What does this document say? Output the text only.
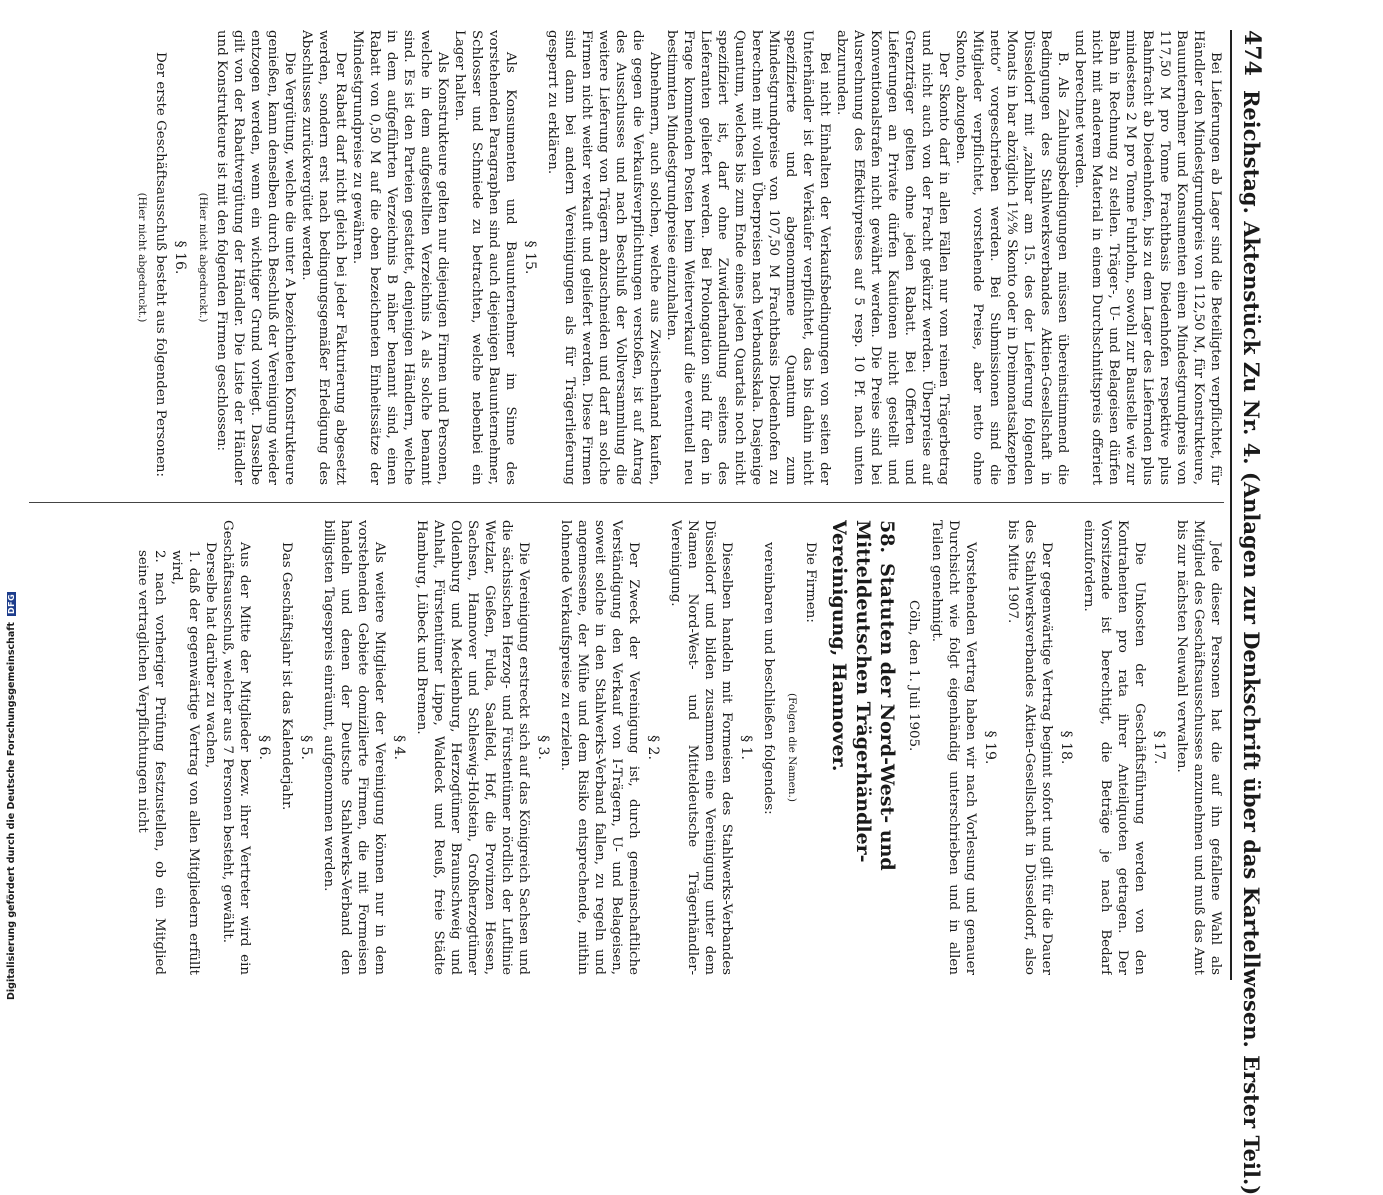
474
Reichstag. Aktenstück Zu Nr. 4. (Anlagen zur Denkschrift über das Kartellwesen. Erster Teil.)

Bei Lieferungen ab Lager sind die Beteiligten verpflichtet, für Händler den Mindestgrundpreis von 112,50 M, für Konstrukteure, Bauunternehmer und Konsumenten einen Mindestgrundpreis von 117,50 M pro Tonne Frachtbasis Diedenhofen respektive plus Bahnfracht ab Diedenhofen, bis zu dem Lager des Liefernden plus mindestens 2 M pro Tonne Fuhrlohn, sowohl zur Baustelle wie zur Bahn in Rechnung zu stellen. Träger-, U- und Belageisen dürfen nicht mit anderem Material in einem Durchschnittspreis offeriert und berechnet werden.

B. Als Zahlungsbedingungen müssen übereinstimmend die Bedingungen des Stahlwerksverbandes Aktien-Gesellschaft in Düsseldorf mit „zahlbar am 15. des der Lieferung folgenden Monats in bar abzüglich 1½% Skonto oder in Dreimonatsakzepten netto“ vorgeschrieben werden. Bei Submissionen sind die Mitglieder verpflichtet, vorstehende Preise, aber netto ohne Skonto, abzugeben.

Der Skonto darf in allen Fällen nur vom reinen Trägerbetrag und nicht auch von der Fracht gekürzt werden. Überpreise auf Grenzträger gelten ohne jeden Rabatt. Bei Offerten und Lieferungen an Private dürfen Kautionen nicht gestellt und Konventionalstrafen nicht gewährt werden. Die Preise sind bei Ausrechnung des Effektivpreises auf 5 resp. 10 Pf. nach unten abzurunden.

Bei nicht Einhalten der Verkaufsbedingungen von seiten der Unterhändler ist der Verkäufer verpflichtet, das bis dahin nicht spezifizierte und abgenommene Quantum zum Mindestgrundpreise von 107,50 M Frachtbasis Diedenhofen zu berechnen mit vollen Überpreisen nach Verbandsskala. Dasjenige Quantum, welches bis zum Ende eines jeden Quartals noch nicht spezifiziert ist, darf ohne Zuwiderhandlung seitens des Lieferanten geliefert werden. Bei Prolongation sind für den in Frage kommenden Posten beim Weiterverkauf die eventuell neu bestimmten Mindestgrundpreise einzuhalten.

Abnehmern, auch solchen, welche aus Zwischenhand kaufen, die gegen die Verkaufsverpflichtungen verstoßen, ist auf Antrag des Ausschusses und nach Beschluß der Vollversammlung die weitere Lieferung von Trägern abzuschneiden und darf an solche Firmen nicht weiter verkauft und geliefert werden. Diese Firmen sind dann bei andern Vereinigungen als für Trägerlieferung gesperrt zu erklären.

§ 15.

Als Konsumenten und Bauunternehmer im Sinne des vorstehenden Paragraphen sind auch diejenigen Bauunternehmer, Schlosser und Schmiede zu betrachten, welche nebenbei ein Lager halten.

Als Konstrukteure gelten nur diejenigen Firmen und Personen, welche in dem aufgestellten Verzeichnis A als solche benannt sind. Es ist den Parteien gestattet, denjenigen Händlern, welche in dem aufgeführten Verzeichnis B näher benannt sind, einen Rabatt von 0,50 M auf die oben bezeichneten Einheitssätze der Mindestgrundpreise zu gewähren.

Der Rabatt darf nicht gleich bei jeder Fakturierung abgesetzt werden, sondern erst nach bedingungsgemäßer Erledigung des Abschlusses zurückvergütet werden.

Die Vergütung, welche die unter A bezeichneten Konstrukteure genießen, kann denselben durch Beschluß der Vereinigung wieder entzogen werden, wenn ein wichtiger Grund vorliegt. Dasselbe gilt von der Rabattvergütung der Händler. Die Liste der Händler und Konstrukteure ist mit den folgenden Firmen geschlossen:

(Hier nicht abgedruckt.)

§ 16.

Der erste Geschäftsausschuß besteht aus folgenden Personen:

(Hier nicht abgedruckt.)

Jede dieser Personen hat die auf ihn gefallene Wahl als Mitglied des Geschäftsausschusses anzunehmen und muß das Amt bis zur nächsten Neuwahl verwalten.

§ 17.

Die Unkosten der Geschäftsführung werden von den Kontrahenten pro rata ihrer Anteilquoten getragen. Der Vorsitzende ist berechtigt, die Beträge je nach Bedarf einzufordern.

§ 18.

Der gegenwärtige Vertrag beginnt sofort und gilt für die Dauer des Stahlwerksverbandes Aktien-Gesellschaft in Düsseldorf, also bis Mitte 1907.

§ 19.

Vorstehenden Vertrag haben wir nach Vorlesung und genauer Durchsicht wie folgt eigenhändig unterschrieben und in allen Teilen genehmigt.

Cöln, den 1. Juli 1905.

58.Statuten der Nord-West- und Mitteldeutschen Trägerhändler-Vereinigung, Hannover.

Die Firmen:

(Folgen die Namen.)

vereinbaren und beschließen folgendes:

§ 1.

Dieselben handeln mit Formeisen des Stahlwerks-Verbandes Düsseldorf und bilden zusammen eine Vereinigung unter dem Namen Nord-West- und Mitteldeutsche Trägerhändler-Vereinigung.

§ 2.

Der Zweck der Vereinigung ist, durch gemeinschaftliche Verständigung den Verkauf von I-Trägern, U- und Belageisen, soweit solche in den Stahlwerks-Verband fallen, zu regeln und angemessene, der Mühe und dem Risiko entsprechende, mithin lohnende Verkaufspreise zu erzielen.

§ 3.

Die Vereinigung erstreckt sich auf das Königreich Sachsen und die sächsischen Herzog- und Fürstentümer nördlich der Luftlinie Wetzlar, Gießen, Fulda, Saalfeld, Hof, die Provinzen Hessen, Sachsen, Hannover und Schleswig-Holstein, Großherzogtümer Oldenburg und Mecklenburg, Herzogtümer Braunschweig und Anhalt, Fürstentümer Lippe, Waldeck und Reuß, freie Städte Hamburg, Lübeck und Bremen.

§ 4.

Als weitere Mitglieder der Vereinigung können nur in dem vorstehenden Gebiete domizilierte Firmen, die mit Formeisen handeln und denen der Deutsche Stahlwerks-Verband den billigsten Tagespreis einräumt, aufgenommen werden.

§ 5.

Das Geschäftsjahr ist das Kalenderjahr.

§ 6.

Aus der Mitte der Mitglieder bezw. ihrer Vertreter wird ein Geschäftsausschuß, welcher aus 7 Personen besteht, gewählt.

Derselbe hat darüber zu wachen,

1. daß der gegenwärtige Vertrag von allen Mitgliedern erfüllt wird,

2. nach vorheriger Prüfung festzustellen, ob ein Mitglied seine vertraglichen Verpflichtungen nicht

Digitalisierung gefördert durch die Deutsche Forschungsgemeinschaft
DFG
